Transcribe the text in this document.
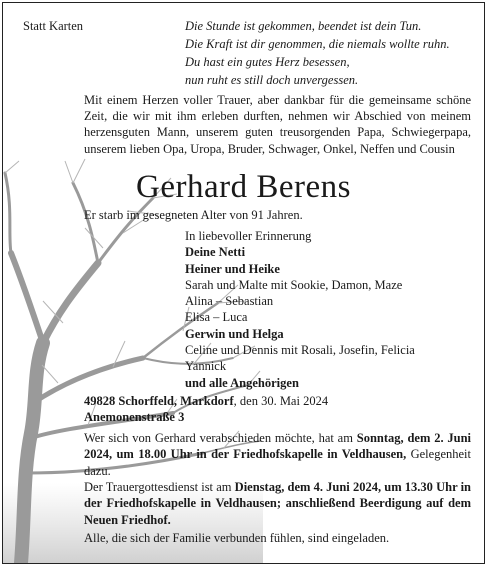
Statt Karten	Die Stunde ist gekommen, beendet ist dein Tun.
Die Kraft ist dir genommen, die niemals wollte ruhn.
Du hast ein gutes Herz besessen,
nun ruht es still doch unvergessen.
Mit einem Herzen voller Trauer, aber dankbar für die gemeinsame schöne Zeit, die wir mit ihm erleben durften, nehmen wir Abschied von meinem herzensguten Mann, unserem guten treusorgenden Papa, Schwiegerpapa, unserem lieben Opa, Uropa, Bruder, Schwager, Onkel, Neffen und Cousin
Gerhard Berens
Er starb im gesegneten Alter von 91 Jahren.
In liebevoller Erinnerung
Deine Netti
Heiner und Heike
Sarah und Malte mit Sookie, Damon, Maze
Alina – Sebastian
Elisa – Luca
Gerwin und Helga
Celine und Dennis mit Rosali, Josefin, Felicia
Yannick
und alle Angehörigen
49828 Schorffeld, Markdorf, den 30. Mai 2024
Anemonenstraße 3
Wer sich von Gerhard verabschieden möchte, hat am Sonntag, dem 2. Juni 2024, um 18.00 Uhr in der Friedhofskapelle in Veldhausen, Gelegenheit dazu.
Der Trauergottesdienst ist am Dienstag, dem 4. Juni 2024, um 13.30 Uhr in der Friedhofskapelle in Veldhausen; anschließend Beerdigung auf dem Neuen Friedhof.
Alle, die sich der Familie verbunden fühlen, sind eingeladen.
